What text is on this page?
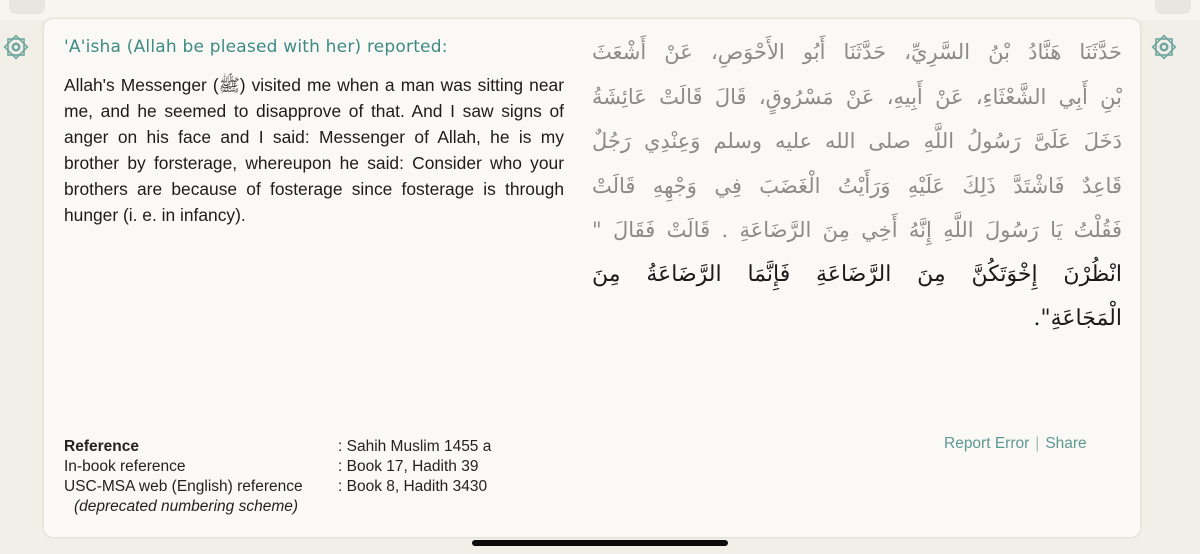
'A'isha (Allah be pleased with her) reported:

Allah's Messenger (ﷺ) visited me when a man was sitting near me, and he seemed to disapprove of that. And I saw signs of anger on his face and I said: Messenger of Allah, he is my brother by forsterage, whereupon he said: Consider who your brothers are because of fosterage since fosterage is through hunger (i. e. in infancy).

حَدَّثَنَا هَنَّادُ بْنُ السَّرِيِّ، حَدَّثَنَا أَبُو الأَحْوَصِ، عَنْ أَشْعَثَ
بْنِ أَبِي الشَّعْثَاءِ، عَنْ أَبِيهِ، عَنْ مَسْرُوقٍ، قَالَ قَالَتْ عَائِشَةُ
دَخَلَ عَلَىَّ رَسُولُ اللَّهِ صلى الله عليه وسلم وَعِنْدِي رَجُلٌ
قَاعِدٌ فَاشْتَدَّ ذَلِكَ عَلَيْهِ وَرَأَيْتُ الْغَضَبَ فِي وَجْهِهِ قَالَتْ
فَقُلْتُ يَا رَسُولَ اللَّهِ إِنَّهُ أَخِي مِنَ الرَّضَاعَةِ ‏.‏ قَالَتْ فَقَالَ ‏"
انْظُرْنَ إِخْوَتَكُنَّ مِنَ الرَّضَاعَةِ فَإِنَّمَا الرَّضَاعَةُ مِنَ
الْمَجَاعَةِ"‏.‏
Reference	: Sahih Muslim 1455 a
In-book reference	: Book 17, Hadith 39
USC-MSA web (English) reference : Book 8, Hadith 3430
(deprecated numbering scheme)
Report Error | Share
